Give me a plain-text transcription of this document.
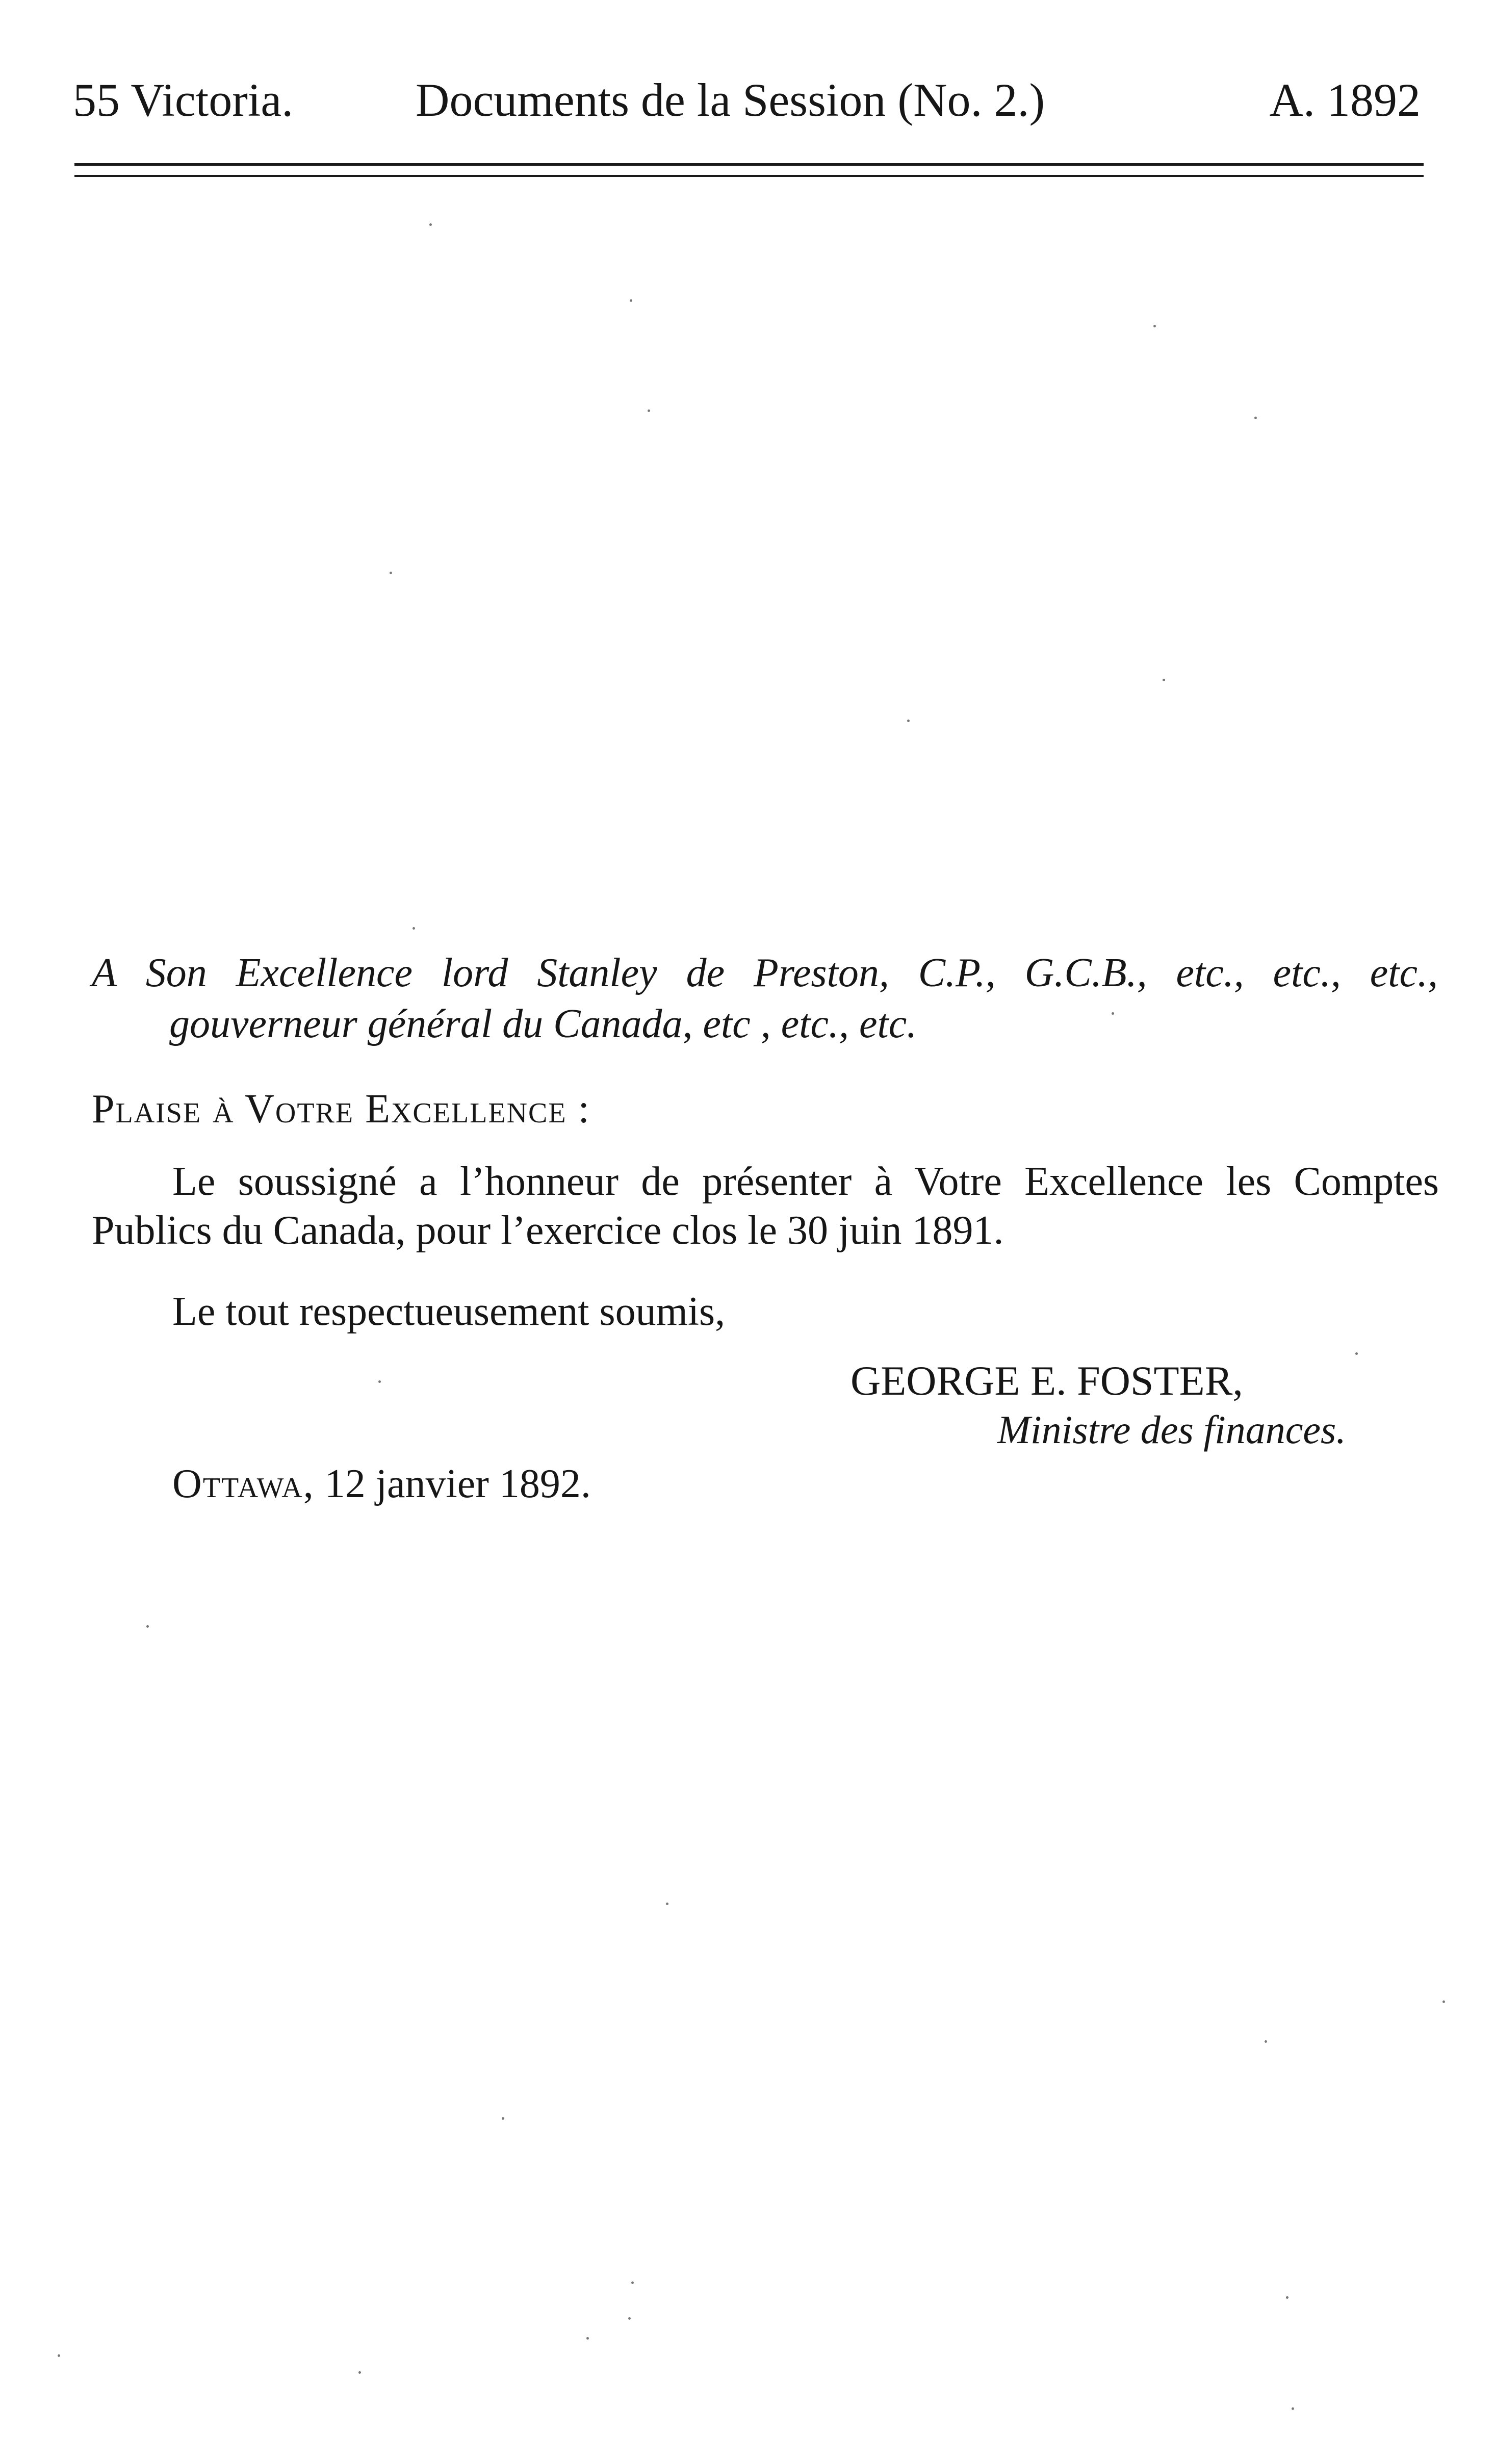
55 Victoria.	Documents de la Session (No. 2.)	A. 1892
A Son Excellence lord Stanley de Preston, C.P., G.C.B., etc., etc., etc.,
gouverneur général du Canada, etc , etc., etc.
Plaise à Votre Excellence :
Le soussigné a l’honneur de présenter à Votre Excellence les Comptes
Publics du Canada, pour l’exercice clos le 30 juin 1891.
Le tout respectueusement soumis,
GEORGE E. FOSTER,
Ministre des finances.
Ottawa, 12 janvier 1892.
